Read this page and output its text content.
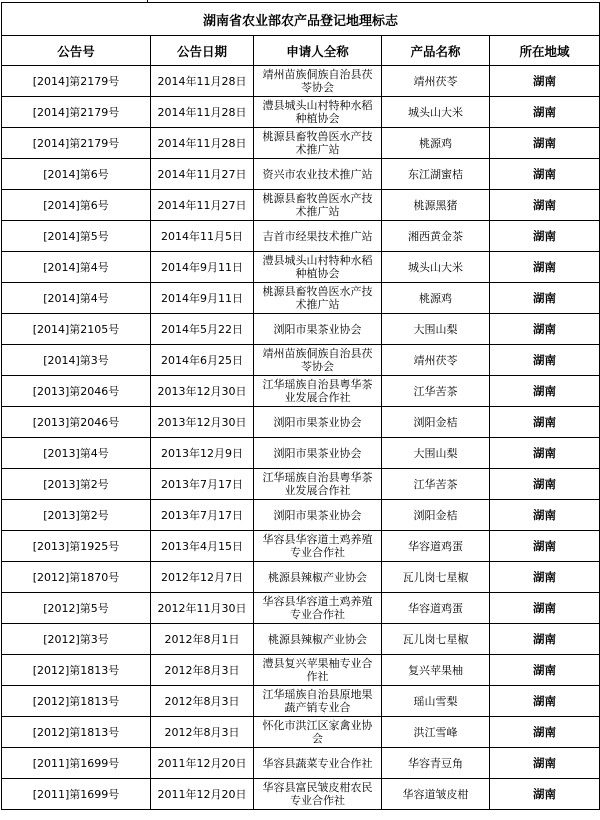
湖南省农业部农产品登记地理标志				
公告号	公告日期	申请人全称	产品名称	所在地域
[2014]第2179号	2014年11月28日	靖州苗族侗族自治县茯苓协会	靖州茯苓	湖南
[2014]第2179号	2014年11月28日	澧县城头山村特种水稻种植协会	城头山大米	湖南
[2014]第2179号	2014年11月28日	桃源县畜牧兽医水产技术推广站	桃源鸡	湖南
[2014]第6号	2014年11月27日	资兴市农业技术推广站	东江湖蜜桔	湖南
[2014]第6号	2014年11月27日	桃源县畜牧兽医水产技术推广站	桃源黑猪	湖南
[2014]第5号	2014年11月5日	吉首市经果技术推广站	湘西黄金茶	湖南
[2014]第4号	2014年9月11日	澧县城头山村特种水稻种植协会	城头山大米	湖南
[2014]第4号	2014年9月11日	桃源县畜牧兽医水产技术推广站	桃源鸡	湖南
[2014]第2105号	2014年5月22日	浏阳市果茶业协会	大围山梨	湖南
[2014]第3号	2014年6月25日	靖州苗族侗族自治县茯苓协会	靖州茯苓	湖南
[2013]第2046号	2013年12月30日	江华瑶族自治县粤华茶业发展合作社	江华苦茶	湖南
[2013]第2046号	2013年12月30日	浏阳市果茶业协会	浏阳金桔	湖南
[2013]第4号	2013年12月9日	浏阳市果茶业协会	大围山梨	湖南
[2013]第2号	2013年7月17日	江华瑶族自治县粤华茶业发展合作社	江华苦茶	湖南
[2013]第2号	2013年7月17日	浏阳市果茶业协会	浏阳金桔	湖南
[2013]第1925号	2013年4月15日	华容县华容道土鸡养殖专业合作社	华容道鸡蛋	湖南
[2012]第1870号	2012年12月7日	桃源县辣椒产业协会	瓦儿岗七星椒	湖南
[2012]第5号	2012年11月30日	华容县华容道土鸡养殖专业合作社	华容道鸡蛋	湖南
[2012]第3号	2012年8月1日	桃源县辣椒产业协会	瓦儿岗七星椒	湖南
[2012]第1813号	2012年8月3日	澧县复兴苹果柚专业合作社	复兴苹果柚	湖南
[2012]第1813号	2012年8月3日	江华瑶族自治县原地果蔬产销专业合	瑶山雪梨	湖南
[2012]第1813号	2012年8月3日	怀化市洪江区家禽业协会	洪江雪峰	湖南
[2011]第1699号	2011年12月20日	华容县蔬菜专业合作社	华容青豆角	湖南
[2011]第1699号	2011年12月20日	华容县富民皱皮柑农民专业合作社	华容道皱皮柑	湖南
